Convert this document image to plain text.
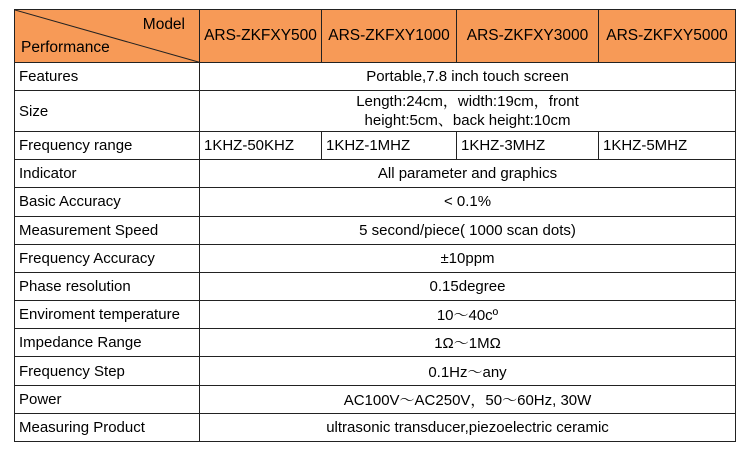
Model
Performance	ARS-ZKFXY500	ARS-ZKFXY1000	ARS-ZKFXY3000	ARS-ZKFXY5000
Features	Portable,7.8 inch touch screen			
Size	Length:24cm，width:19cm，front
height:5cm、back height:10cm			

Frequency range	1KHZ-50KHZ	1KHZ-1MHZ	1KHZ-3MHZ	1KHZ-5MHZ
Indicator	All parameter and graphics			
Basic Accuracy	< 0.1%			
Measurement Speed	5 second/piece( 1000 scan dots)			
Frequency Accuracy	±10ppm			
Phase resolution	0.15degree			
Enviroment temperature	10～40cº			
Impedance Range	1Ω～1MΩ			
Frequency Step	0.1Hz～any			
Power	AC100V～AC250V，50～60Hz, 30W			
Measuring Product	ultrasonic transducer,piezoelectric ceramic			
